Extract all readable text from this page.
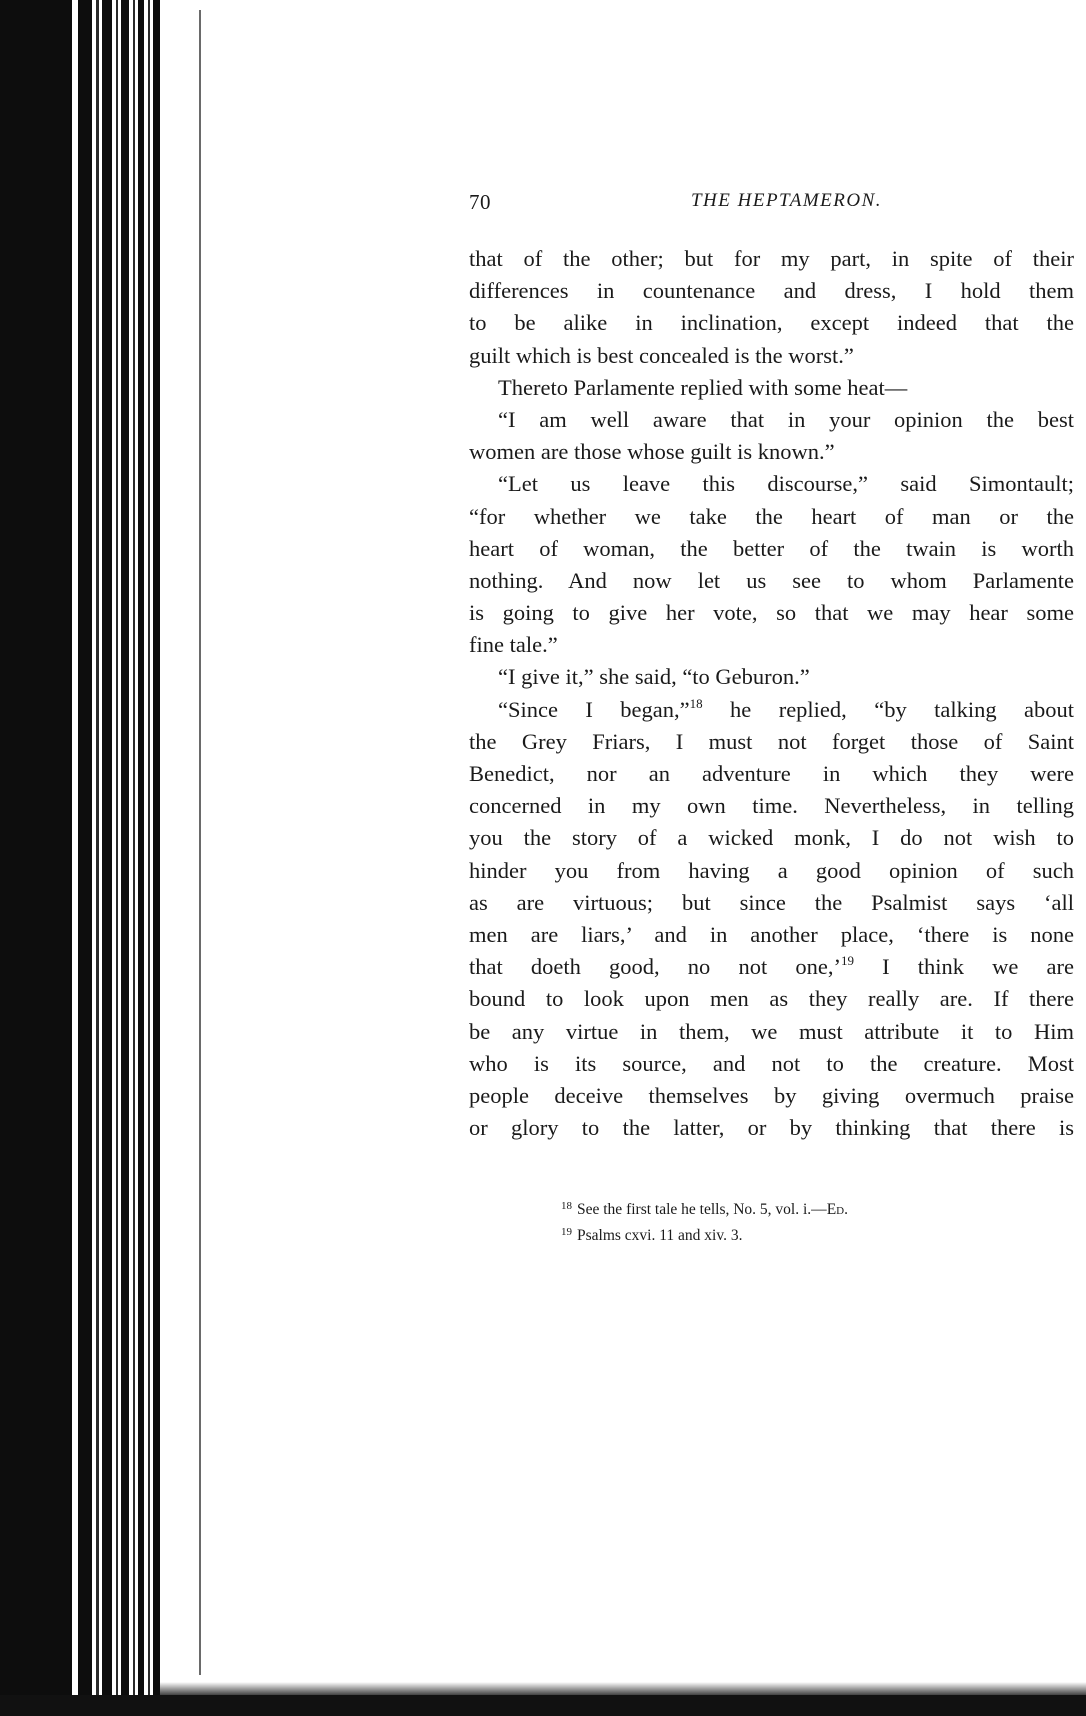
70	THE HEPTAMERON.
that of the other; but for my part, in spite of their
differences in countenance and dress, I hold them
to be alike in inclination, except indeed that the
guilt which is best concealed is the worst.”
Thereto Parlamente replied with some heat—
“I am well aware that in your opinion the best
women are those whose guilt is known.”
“Let us leave this discourse,” said Simontault;
“for whether we take the heart of man or the
heart of woman, the better of the twain is worth
nothing. And now let us see to whom Parlamente
is going to give her vote, so that we may hear some
fine tale.”
“I give it,” she said, “to Geburon.”
“Since I began,”$^{18}$ he replied, “by talking about
the Grey Friars, I must not forget those of Saint
Benedict, nor an adventure in which they were
concerned in my own time. Nevertheless, in telling
you the story of a wicked monk, I do not wish to
hinder you from having a good opinion of such
as are virtuous; but since the Psalmist says ‘all
men are liars,’ and in another place, ‘there is none
that doeth good, no not one,’$^{19}$ I think we are
bound to look upon men as they really are. If there
be any virtue in them, we must attribute it to Him
who is its source, and not to the creature. Most
people deceive themselves by giving overmuch praise
or glory to the latter, or by thinking that there is
$^{18}$ See the first tale he tells, No. 5, vol. i.—Ed.
$^{19}$ Psalms cxvi. 11 and xiv. 3.
